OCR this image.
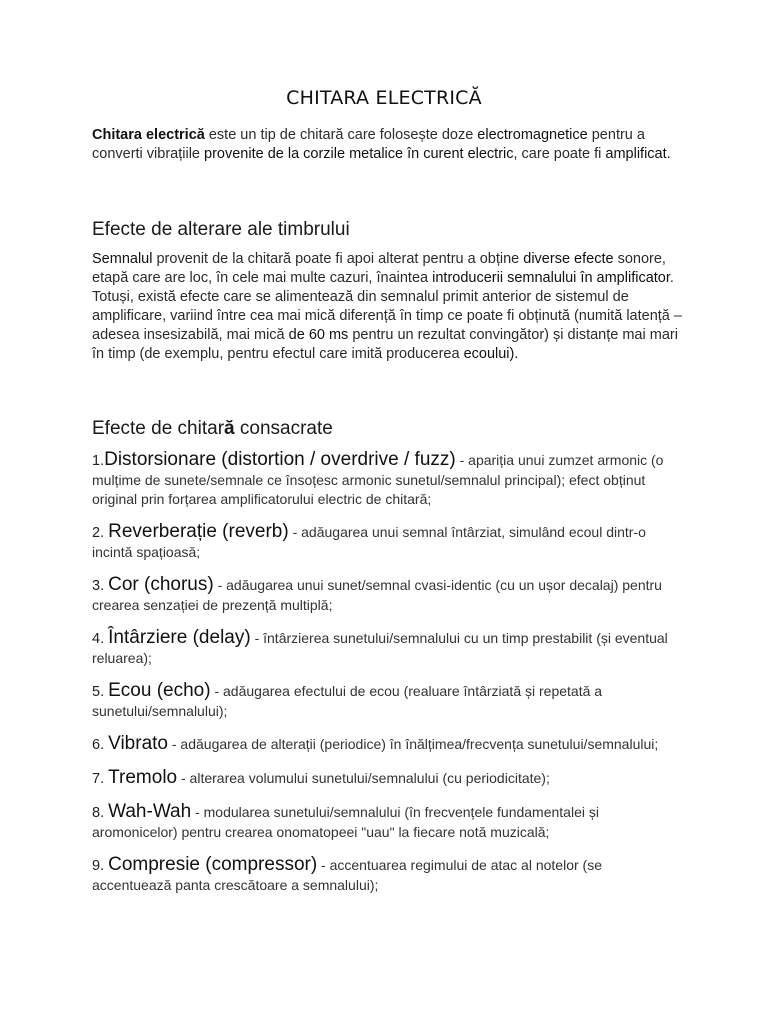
CHITARA ELECTRICĂ
Chitara electrică este un tip de chitară care folosește doze electromagnetice pentru a converti vibrațiile provenite de la corzile metalice în curent electric, care poate fi amplificat.
Efecte de alterare ale timbrului
Semnalul provenit de la chitară poate fi apoi alterat pentru a obține diverse efecte sonore, etapă care are loc, în cele mai multe cazuri, înaintea introducerii semnalului în amplificator. Totuși, există efecte care se alimentează din semnalul primit anterior de sistemul de amplificare, variind între cea mai mică diferență în timp ce poate fi obținută (numită latență – adesea insesizabilă, mai mică de 60 ms pentru un rezultat convingător) și distanțe mai mari în timp (de exemplu, pentru efectul care imită producerea ecoului).
Efecte de chitară consacrate
1.Distorsionare (distortion / overdrive / fuzz) - apariția unui zumzet armonic (o mulțime de sunete/semnale ce însoțesc armonic sunetul/semnalul principal); efect obținut original prin forțarea amplificatorului electric de chitară;
2. Reverberație (reverb) - adăugarea unui semnal întârziat, simulând ecoul dintr-o incintă spațioasă;
3. Cor (chorus) - adăugarea unui sunet/semnal cvasi-identic (cu un ușor decalaj) pentru crearea senzației de prezență multiplă;
4. Întârziere (delay) - întârzierea sunetului/semnalului cu un timp prestabilit (și eventual reluarea);
5. Ecou (echo) - adăugarea efectului de ecou (realuare întârziată și repetată a sunetului/semnalului);
6. Vibrato - adăugarea de alterații (periodice) în înălțimea/frecvența sunetului/semnalului;
7. Tremolo - alterarea volumului sunetului/semnalului (cu periodicitate);
8. Wah-Wah - modularea sunetului/semnalului (în frecvențele fundamentalei și aromonicelor) pentru crearea onomatopeei "uau" la fiecare notă muzicală;
9. Compresie (compressor) - accentuarea regimului de atac al notelor (se accentuează panta crescătoare a semnalului);
